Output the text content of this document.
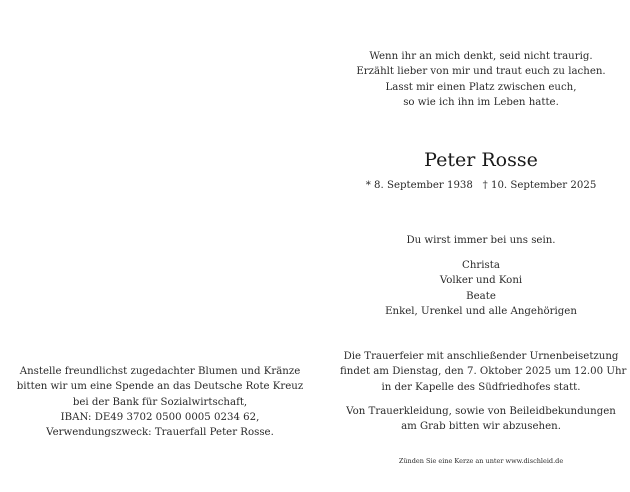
Wenn ihr an mich denkt, seid nicht traurig.
Erzählt lieber von mir und traut euch zu lachen.
Lasst mir einen Platz zwischen euch,
so wie ich ihn im Leben hatte.
Peter Rosse
* 8. September 1938 † 10. September 2025
Du wirst immer bei uns sein.
Christa
Volker und Koni
Beate
Enkel, Urenkel und alle Angehörigen
Die Trauerfeier mit anschließender Urnenbeisetzung
findet am Dienstag, den 7. Oktober 2025 um 12.00 Uhr
in der Kapelle des Südfriedhofes statt.
Von Trauerkleidung, sowie von Beileidbekundungen
am Grab bitten wir abzusehen.
Zünden Sie eine Kerze an unter www.dischleid.de
Anstelle freundlichst zugedachter Blumen und Kränze
bitten wir um eine Spende an das Deutsche Rote Kreuz
bei der Bank für Sozialwirtschaft,
IBAN: DE49 3702 0500 0005 0234 62,
Verwendungszweck: Trauerfall Peter Rosse.
